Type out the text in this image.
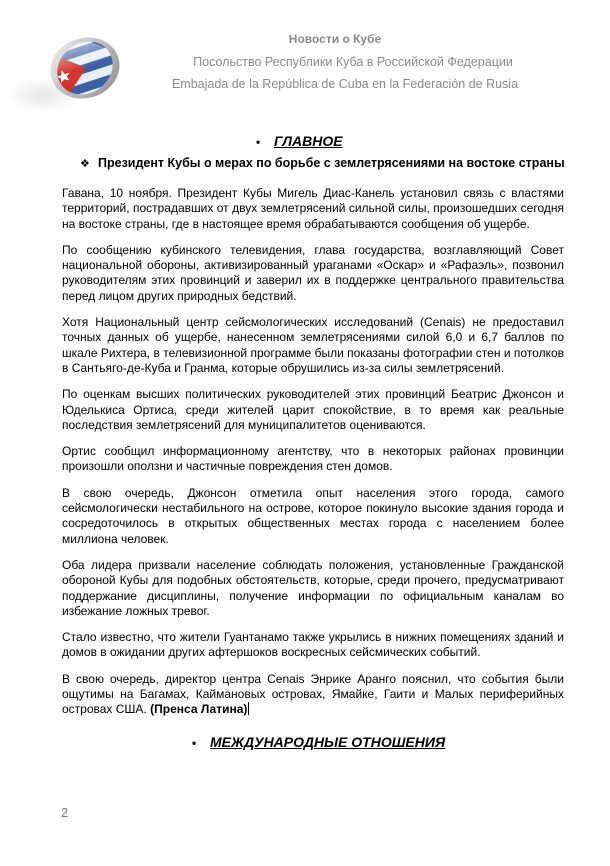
Новости о Кубе
Посольство Республики Куба в Российской Федерации
Embajada de la República de Cuba en la Federación de Rusia
• ГЛАВНОЕ
❖ Президент Кубы о мерах по борьбе с землетрясениями на востоке страны

Гавана, 10 ноября. Президент Кубы Мигель Диас-Канель установил связь с властями территорий, пострадавших от двух землетрясений сильной силы, произошедших сегодня на востоке страны, где в настоящее время обрабатываются сообщения об ущербе.

По сообщению кубинского телевидения, глава государства, возглавляющий Совет национальной обороны, активизированный ураганами «Оскар» и «Рафаэль», позвонил руководителям этих провинций и заверил их в поддержке центрального правительства перед лицом других природных бедствий.

Хотя Национальный центр сейсмологических исследований (Cenais) не предоставил точных данных об ущербе, нанесенном землетрясениями силой 6,0 и 6,7 баллов по шкале Рихтера, в телевизионной программе были показаны фотографии стен и потолков в Сантьяго-де-Куба и Гранма, которые обрушились из-за силы землетрясений.

По оценкам высших политических руководителей этих провинций Беатрис Джонсон и Юделькиса Ортиса, среди жителей царит спокойствие, в то время как реальные последствия землетрясений для муниципалитетов оцениваются.

Ортис сообщил информационному агентству, что в некоторых районах провинции произошли оползни и частичные повреждения стен домов.

В свою очередь, Джонсон отметила опыт населения этого города, самого сейсмологически нестабильного на острове, которое покинуло высокие здания города и сосредоточилось в открытых общественных местах города с населением более миллиона человек.

Оба лидера призвали население соблюдать положения, установленные Гражданской обороной Кубы для подобных обстоятельств, которые, среди прочего, предусматривают поддержание дисциплины, получение информации по официальным каналам во избежание ложных тревог.

Стало известно, что жители Гуантанамо также укрылись в нижних помещениях зданий и домов в ожидании других афтершоков воскресных сейсмических событий.

В свою очередь, директор центра Cenais Энрике Аранго пояснил, что события были ощутимы на Багамах, Каймановых островах, Ямайке, Гаити и Малых периферийных островах США. (Пренса Латина)

• МЕЖДУНАРОДНЫЕ ОТНОШЕНИЯ
2
